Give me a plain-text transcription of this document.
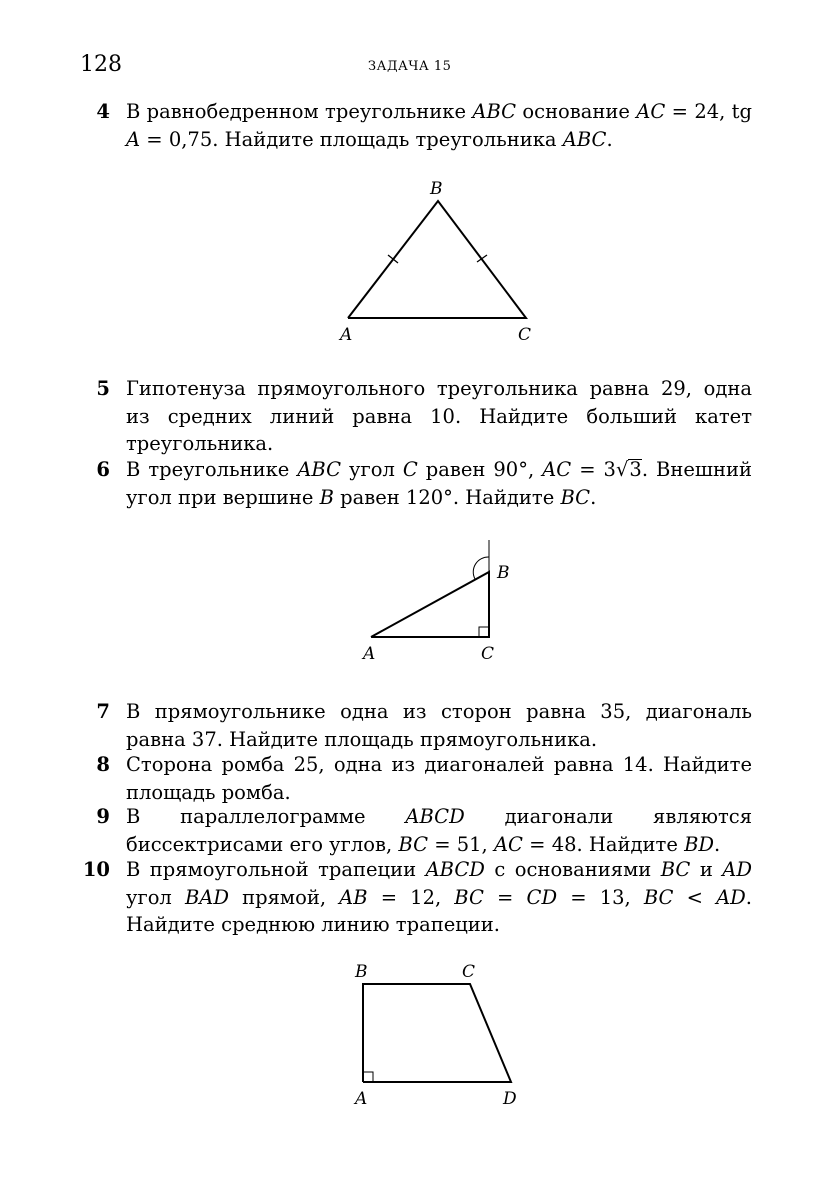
128	ЗАДАЧА 15
4 В равнобедренном треугольнике ABC основание AC = 24, tg A = 0,75. Найдите площадь треугольника ABC.
B
A	C
5 Гипотенуза прямоугольного треугольника равна 29, одна из средних линий равна 10. Найдите больший катет треугольника.
6 В треугольнике ABC угол C равен 90°, AC = 3√3. Внешний угол при вершине B равен 120°. Найдите BC.
B
A	C
7 В прямоугольнике одна из сторон равна 35, диагональ равна 37. Найдите площадь прямоугольника.
8 Сторона ромба 25, одна из диагоналей равна 14. Найдите площадь ромба.
9 В параллелограмме ABCD диагонали являются биссектрисами его углов, BC = 51, AC = 48. Найдите BD.
10 В прямоугольной трапеции ABCD с основаниями BC и AD угол BAD прямой, AB = 12, BC = CD = 13, BC < AD. Найдите среднюю линию трапеции.
B	C
A	D
